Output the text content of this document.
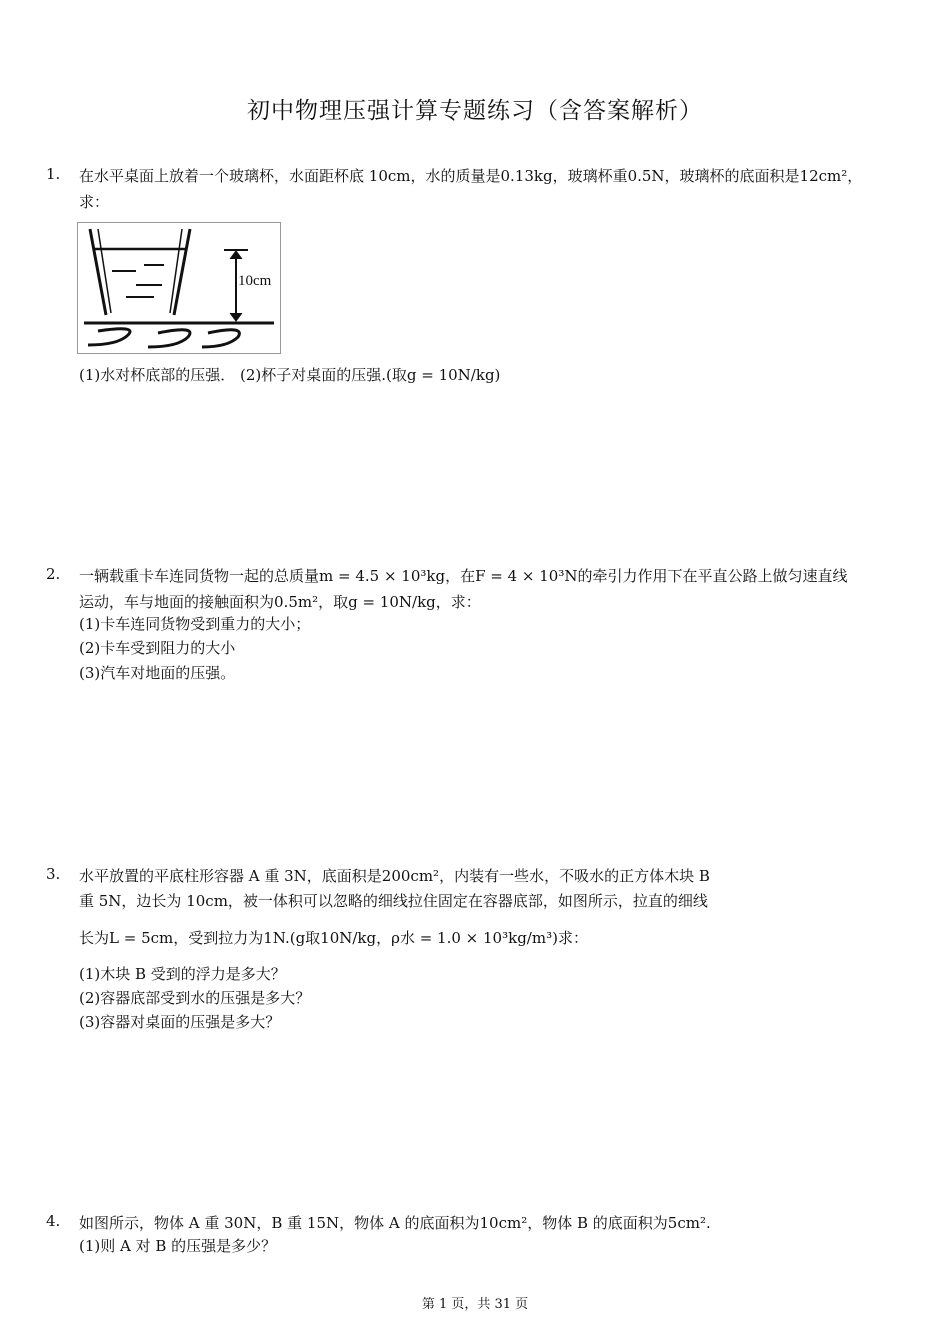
初中物理压强计算专题练习（含答案解析）
1. 在水平桌面上放着一个玻璃杯，水面距杯底 10cm，水的质量是0.13kg，玻璃杯重0.5N，玻璃杯的底面积是12cm²，
求：
(1)水对杯底部的压强． (2)杯子对桌面的压强.(取g = 10N/kg)
10cm
2. 一辆载重卡车连同货物一起的总质量m = 4.5 × 10³kg，在F = 4 × 10³N的牵引力作用下在平直公路上做匀速直线
运动，车与地面的接触面积为0.5m²，取g = 10N/kg，求：
(1)卡车连同货物受到重力的大小；
(2)卡车受到阻力的大小
(3)汽车对地面的压强。
3. 水平放置的平底柱形容器 A 重 3N，底面积是200cm²，内装有一些水，不吸水的正方体木块 B
重 5N，边长为 10cm，被一体积可以忽略的细线拉住固定在容器底部，如图所示，拉直的细线
长为L = 5cm，受到拉力为1N.(g取10N/kg，ρ水 = 1.0 × 10³kg/m³)求：
(1)木块 B 受到的浮力是多大？
(2)容器底部受到水的压强是多大？
(3)容器对桌面的压强是多大？
4. 如图所示，物体 A 重 30N，B 重 15N，物体 A 的底面积为10cm²，物体 B 的底面积为5cm².
(1)则 A 对 B 的压强是多少？
第 1 页，共 31 页
